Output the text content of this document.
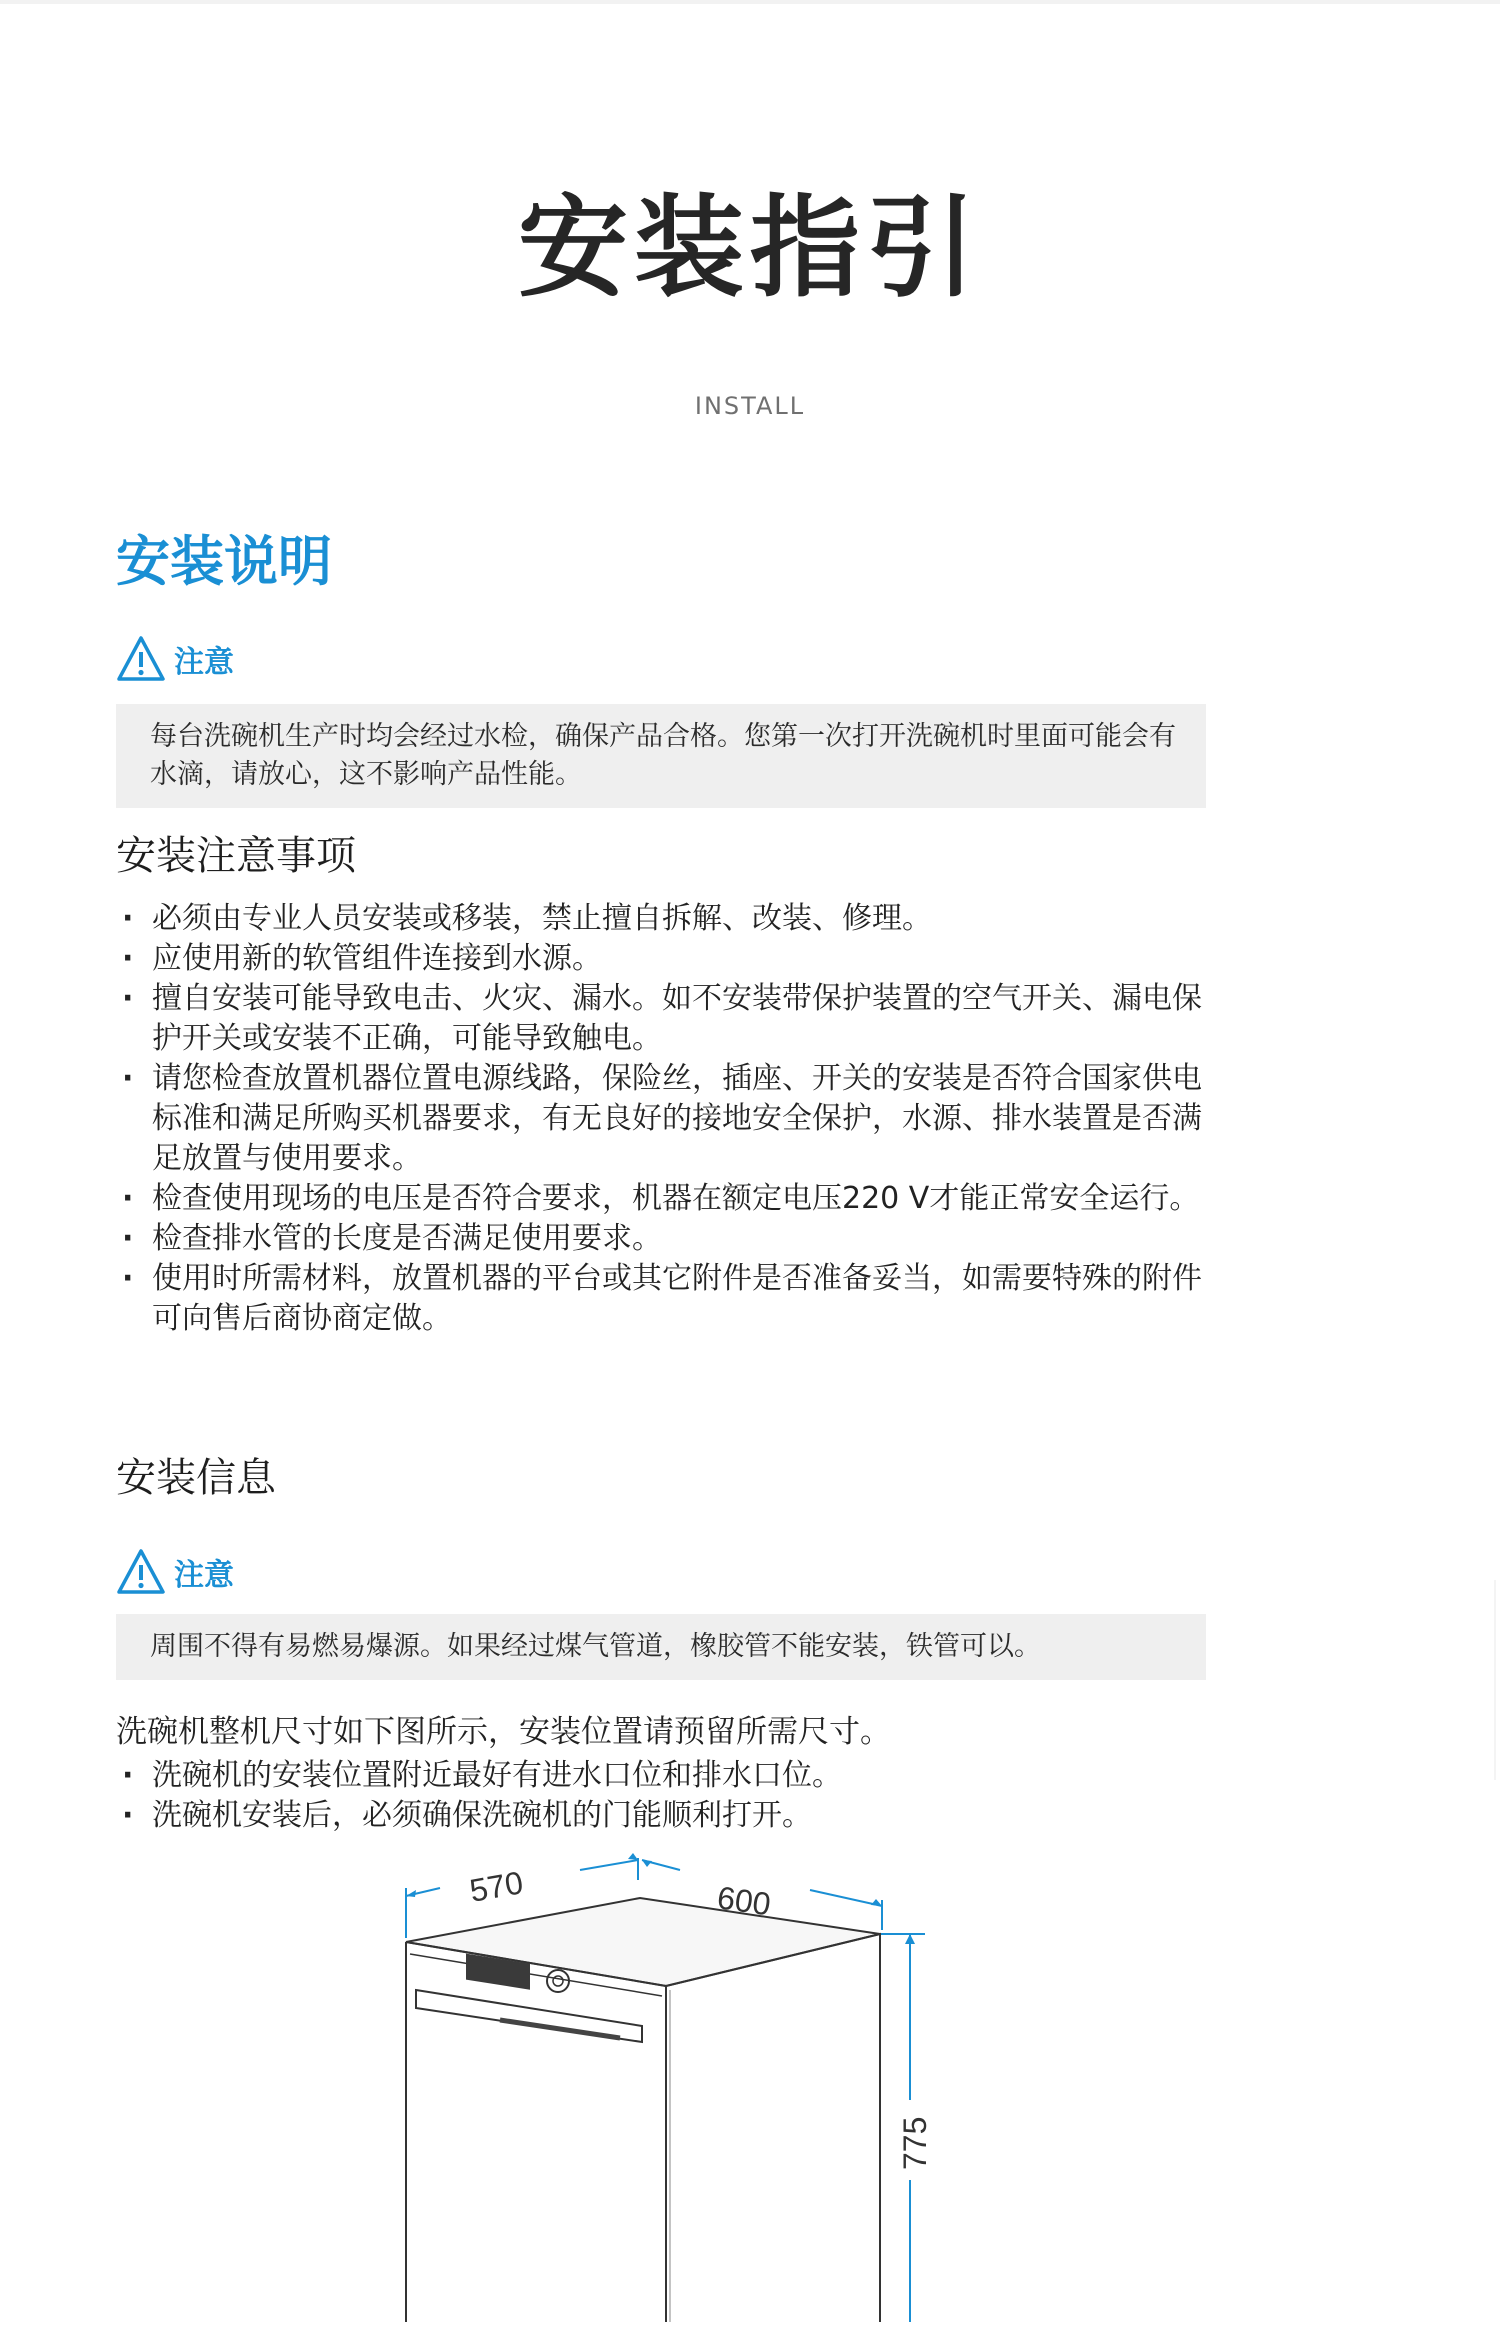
安装指引
INSTALL
安装说明
注意
每台洗碗机生产时均会经过水检，确保产品合格。您第一次打开洗碗机时里面可能会有水滴，请放心，这不影响产品性能。
安装注意事项
· 必须由专业人员安装或移装，禁止擅自拆解、改装、修理。
· 应使用新的软管组件连接到水源。
· 擅自安装可能导致电击、火灾、漏水。如不安装带保护装置的空气开关、漏电保护开关或安装不正确，可能导致触电。
· 请您检查放置机器位置电源线路，保险丝，插座、开关的安装是否符合国家供电标准和满足所购买机器要求，有无良好的接地安全保护，水源、排水装置是否满足放置与使用要求。
· 检查使用现场的电压是否符合要求，机器在额定电压220 V才能正常安全运行。
· 检查排水管的长度是否满足使用要求。
· 使用时所需材料，放置机器的平台或其它附件是否准备妥当，如需要特殊的附件可向售后商协商定做。
安装信息
注意
周围不得有易燃易爆源。如果经过煤气管道，橡胶管不能安装，铁管可以。
洗碗机整机尺寸如下图所示，安装位置请预留所需尺寸。
· 洗碗机的安装位置附近最好有进水口位和排水口位。
· 洗碗机安装后，必须确保洗碗机的门能顺利打开。
570	600
775
